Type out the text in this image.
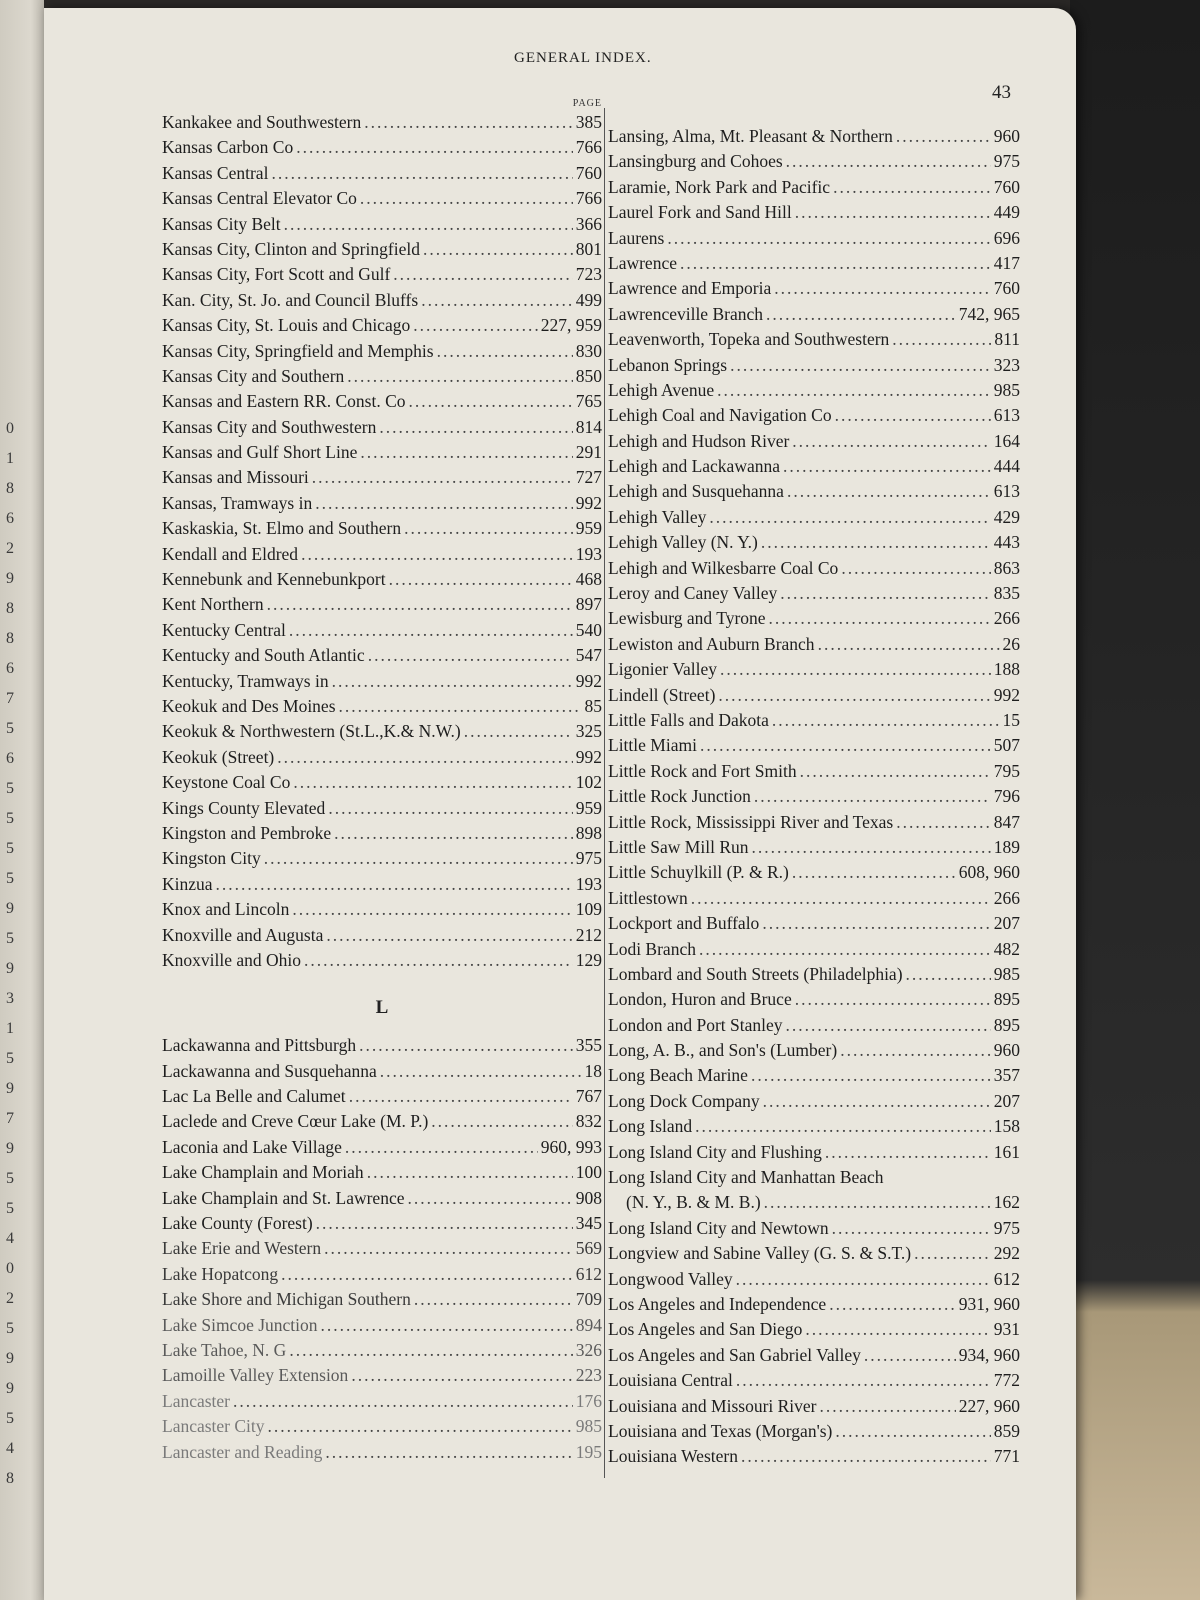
0
1
8
6
2
9
8
8
6
7
5
6
5
5
5
5
9
5
9
3
1
5
9
7
9
5
5
4
0
2
5
9
9
5
4
8
GENERAL INDEX.
43
PAGE
Kankakee and Southwestern .....	385
Kansas Carbon Co .....	766
Kansas Central .....	760
Kansas Central Elevator Co .....	766
Kansas City Belt .....	366
Kansas City, Clinton and Springfield .....	801
Kansas City, Fort Scott and Gulf .....	723
Kan. City, St. Jo. and Council Bluffs .....	499
Kansas City, St. Louis and Chicago .....	227, 959
Kansas City, Springfield and Memphis .....	830
Kansas City and Southern .....	850
Kansas and Eastern RR. Const. Co .....	765
Kansas City and Southwestern .....	814
Kansas and Gulf Short Line .....	291
Kansas and Missouri .....	727
Kansas, Tramways in .....	992
Kaskaskia, St. Elmo and Southern .....	959
Kendall and Eldred .....	193
Kennebunk and Kennebunkport .....	468
Kent Northern .....	897
Kentucky Central .....	540
Kentucky and South Atlantic .....	547
Kentucky, Tramways in .....	992
Keokuk and Des Moines .....	85
Keokuk & Northwestern (St.L.,K.& N.W.) .....	325
Keokuk (Street) .....	992
Keystone Coal Co .....	102
Kings County Elevated .....	959
Kingston and Pembroke .....	898
Kingston City .....	975
Kinzua .....	193
Knox and Lincoln .....	109
Knoxville and Augusta .....	212
Knoxville and Ohio .....	129
L
Lackawanna and Pittsburgh .....	355
Lackawanna and Susquehanna .....	18
Lac La Belle and Calumet .....	767
Laclede and Creve Cœur Lake (M. P.) .....	832
Laconia and Lake Village .....	960, 993
Lake Champlain and Moriah .....	100
Lake Champlain and St. Lawrence .....	908
Lake County (Forest) .....	345
Lake Erie and Western .....	569
Lake Hopatcong .....	612
Lake Shore and Michigan Southern .....	709
Lake Simcoe Junction .....	894
Lake Tahoe, N. G .....	326
Lamoille Valley Extension .....	223
Lancaster .....	176
Lancaster City .....	985
Lancaster and Reading .....	195
Lansing, Alma, Mt. Pleasant & Northern .....	960
Lansingburg and Cohoes .....	975
Laramie, Nork Park and Pacific .....	760
Laurel Fork and Sand Hill .....	449
Laurens .....	696
Lawrence .....	417
Lawrence and Emporia .....	760
Lawrenceville Branch .....	742, 965
Leavenworth, Topeka and Southwestern .....	811
Lebanon Springs .....	323
Lehigh Avenue .....	985
Lehigh Coal and Navigation Co .....	613
Lehigh and Hudson River .....	164
Lehigh and Lackawanna .....	444
Lehigh and Susquehanna .....	613
Lehigh Valley .....	429
Lehigh Valley (N. Y.) .....	443
Lehigh and Wilkesbarre Coal Co .....	863
Leroy and Caney Valley .....	835
Lewisburg and Tyrone .....	266
Lewiston and Auburn Branch .....	26
Ligonier Valley .....	188
Lindell (Street) .....	992
Little Falls and Dakota .....	15
Little Miami .....	507
Little Rock and Fort Smith .....	795
Little Rock Junction .....	796
Little Rock, Mississippi River and Texas .....	847
Little Saw Mill Run .....	189
Little Schuylkill (P. & R.) .....	608, 960
Littlestown .....	266
Lockport and Buffalo .....	207
Lodi Branch .....	482
Lombard and South Streets (Philadelphia) .....	985
London, Huron and Bruce .....	895
London and Port Stanley .....	895
Long, A. B., and Son's (Lumber) .....	960
Long Beach Marine .....	357
Long Dock Company .....	207
Long Island .....	158
Long Island City and Flushing .....	161
Long Island City and Manhattan Beach
(N. Y., B. & M. B.) .....	162
Long Island City and Newtown .....	975
Longview and Sabine Valley (G. S. & S.T.) .....	292
Longwood Valley .....	612
Los Angeles and Independence .....	931, 960
Los Angeles and San Diego .....	931
Los Angeles and San Gabriel Valley .....	934, 960
Louisiana Central .....	772
Louisiana and Missouri River .....	227, 960
Louisiana and Texas (Morgan's) .....	859
Louisiana Western .....	771
